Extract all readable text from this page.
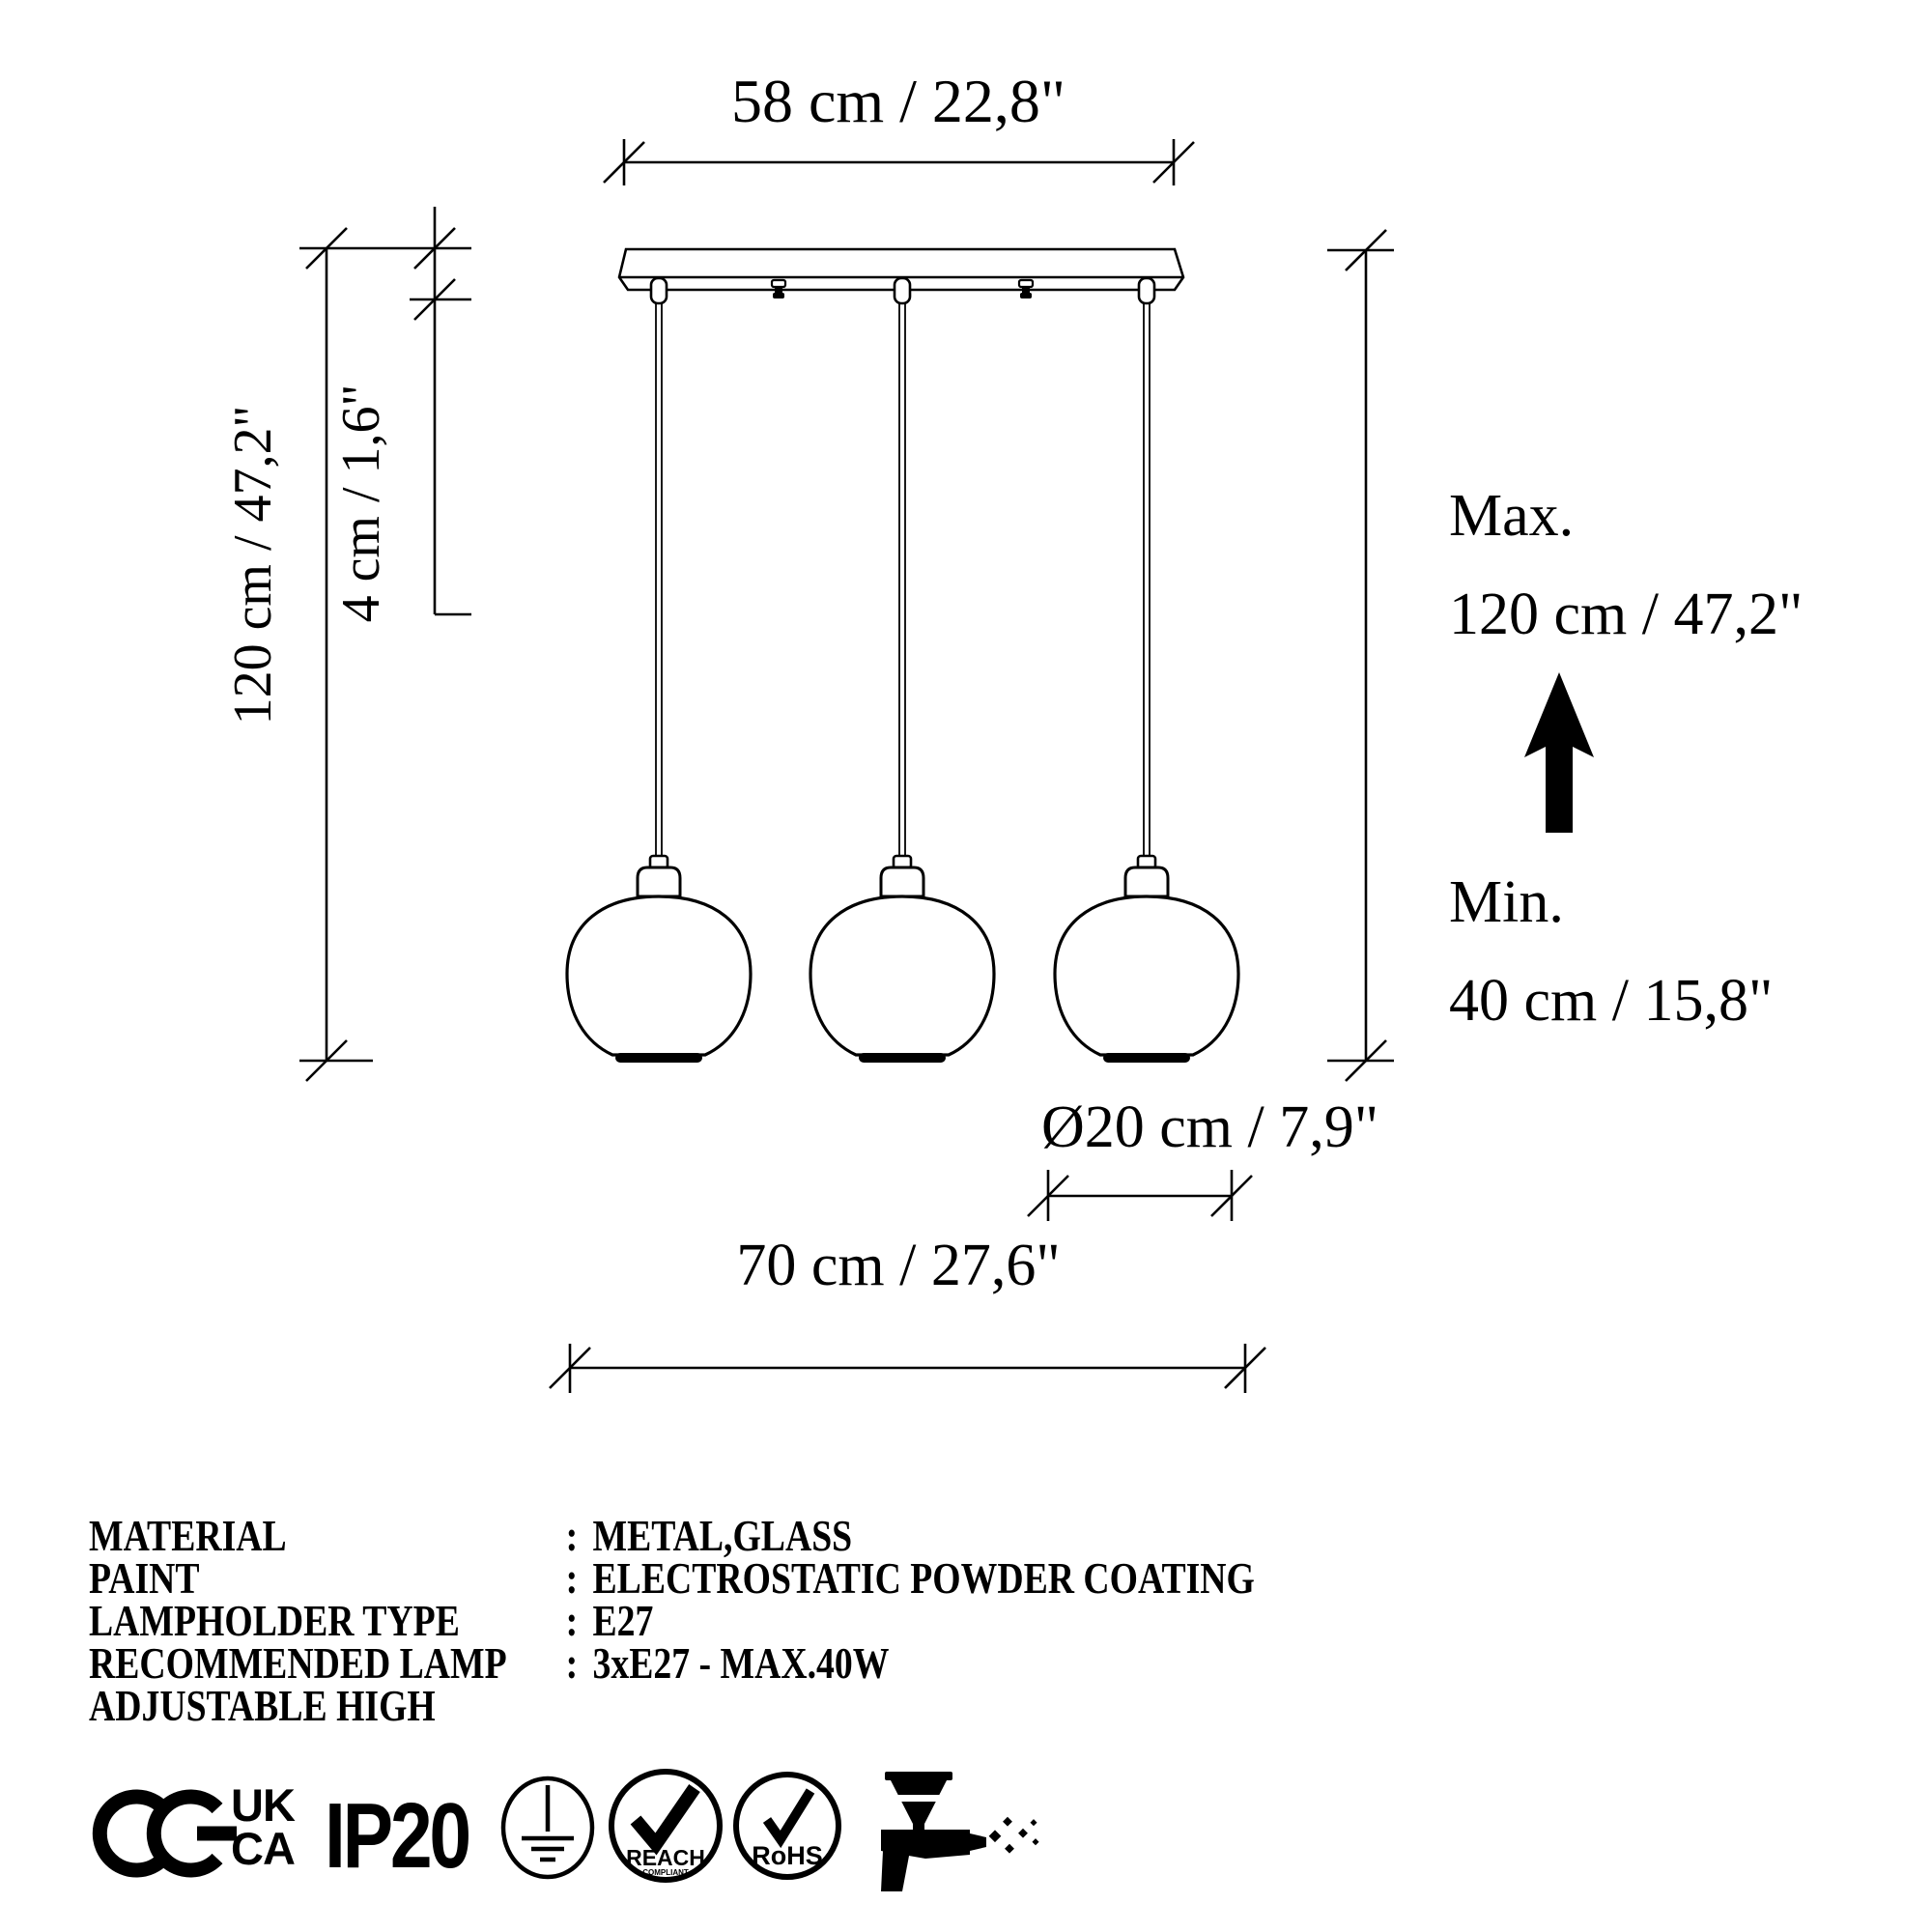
REACH
COMPLIANT
RoHS
58 cm / 22,8"
120 cm / 47,2" 4 cm / 1,6"	Max.
120 cm / 47,2"
Min.
40 cm / 15,8"
Ø20 cm / 7,9"
70 cm / 27,6"
MATERIAL	: METAL,GLASS
PAINT	: ELECTROSTATIC POWDER COATING
LAMPHOLDER TYPE	: E27
RECOMMENDED LAMP	: 3xE27 - MAX.40W
ADJUSTABLE HIGH
UK
CA IP20
